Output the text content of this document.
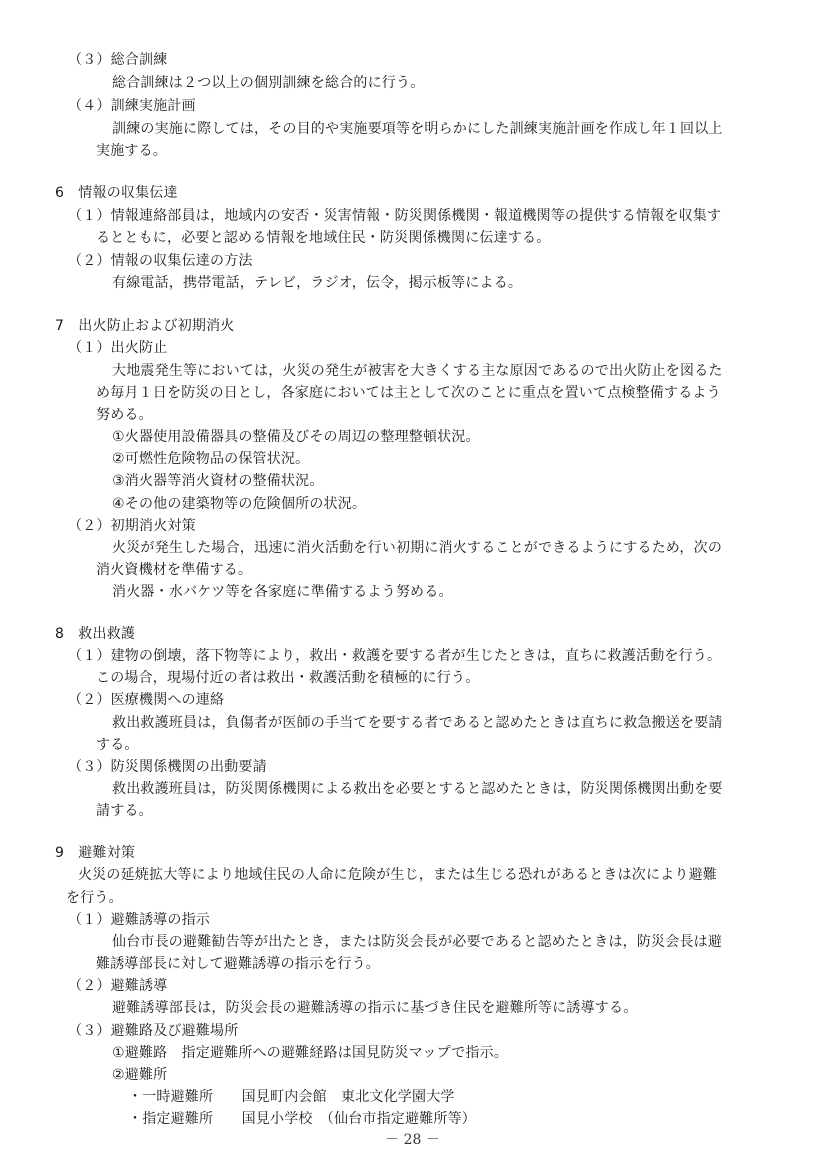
（３）総合訓練
総合訓練は２つ以上の個別訓練を総合的に行う。
（４）訓練実施計画
訓練の実施に際しては，その目的や実施要項等を明らかにした訓練実施計画を作成し年１回以上
実施する。
6　情報の収集伝達
（１）情報連絡部員は，地域内の安否・災害情報・防災関係機関・報道機関等の提供する情報を収集す
るとともに，必要と認める情報を地域住民・防災関係機関に伝達する。
（２）情報の収集伝達の方法
有線電話，携帯電話，テレビ，ラジオ，伝令，掲示板等による。
7　出火防止および初期消火
（１）出火防止
大地震発生等においては，火災の発生が被害を大きくする主な原因であるので出火防止を図るた
め毎月１日を防災の日とし，各家庭においては主として次のことに重点を置いて点検整備するよう
努める。
①火器使用設備器具の整備及びその周辺の整理整頓状況。
②可燃性危険物品の保管状況。
③消火器等消火資材の整備状況。
④その他の建築物等の危険個所の状況。
（２）初期消火対策
火災が発生した場合，迅速に消火活動を行い初期に消火することができるようにするため，次の
消火資機材を準備する。
消火器・水バケツ等を各家庭に準備するよう努める。
8　救出救護
（１）建物の倒壊，落下物等により，救出・救護を要する者が生じたときは，直ちに救護活動を行う。
この場合，現場付近の者は救出・救護活動を積極的に行う。
（２）医療機関への連絡
救出救護班員は，負傷者が医師の手当てを要する者であると認めたときは直ちに救急搬送を要請
する。
（３）防災関係機関の出動要請
救出救護班員は，防災関係機関による救出を必要とすると認めたときは，防災関係機関出動を要
請する。
9　避難対策
火災の延焼拡大等により地域住民の人命に危険が生じ，または生じる恐れがあるときは次により避難
を行う。
（１）避難誘導の指示
仙台市長の避難勧告等が出たとき，または防災会長が必要であると認めたときは，防災会長は避
難誘導部長に対して避難誘導の指示を行う。
（２）避難誘導
避難誘導部長は，防災会長の避難誘導の指示に基づき住民を避難所等に誘導する。
（３）避難路及び避難場所
①避難路　指定避難所への避難経路は国見防災マップで指示。
②避難所
・一時避難所　　国見町内会館　東北文化学園大学
・指定避難所　　国見小学校　（仙台市指定避難所等）
－ 28 －
